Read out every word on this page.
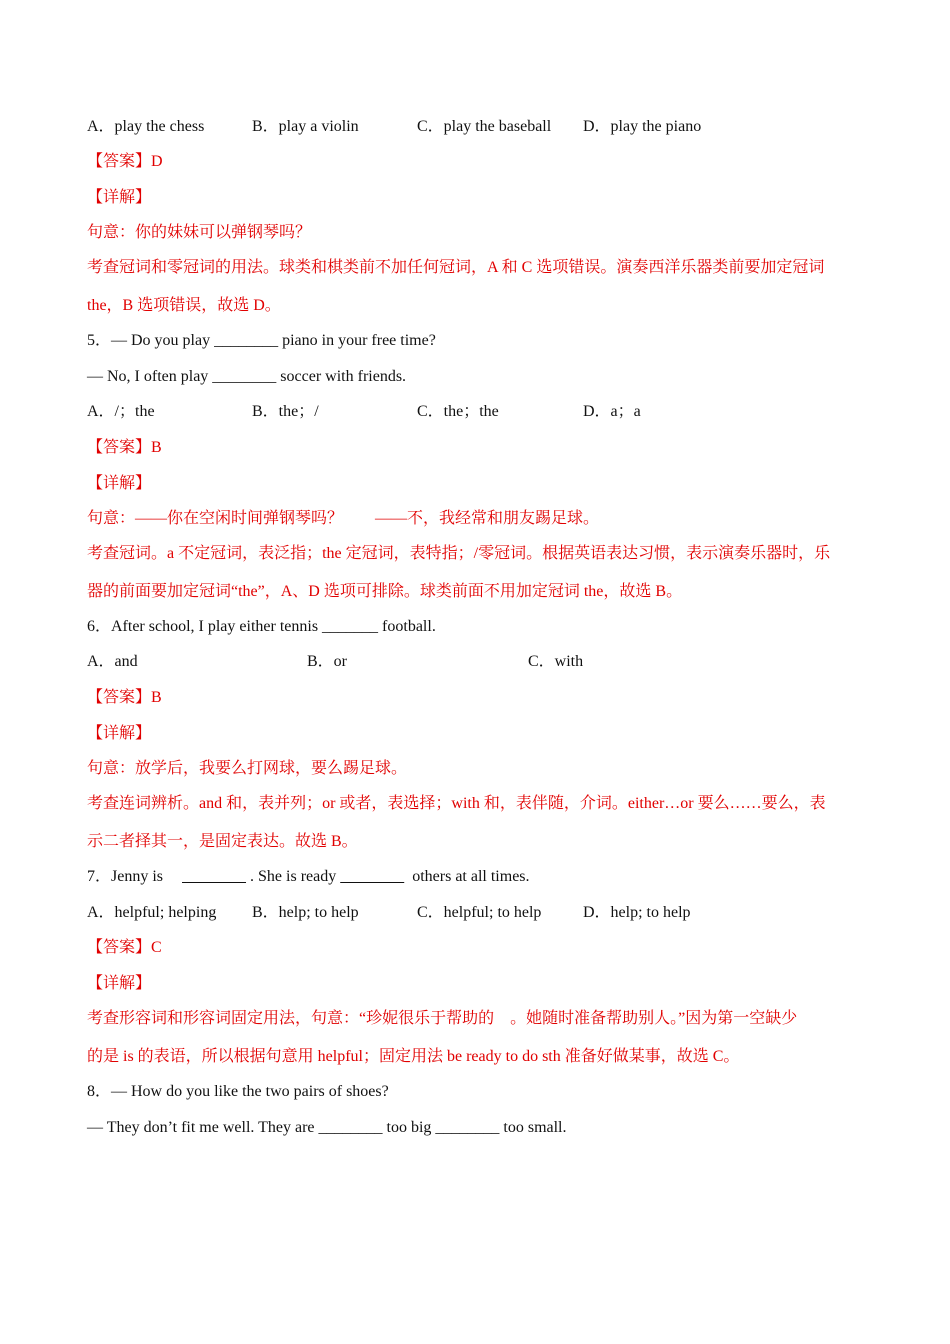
A．play the chess	B．play a violin	C．play the baseball D．play the piano
【答案】D
【详解】
句意：你的妹妹可以弹钢琴吗？
考查冠词和零冠词的用法。球类和棋类前不加任何冠词，A 和 C 选项错误。演奏西洋乐器类前要加定冠词
the，B 选项错误，故选 D。
5．— Do you play ________ piano in your free time?
— No, I often play ________ soccer with friends.
A．/；the	B．the；/	C．the；the	D．a；a
【答案】B
【详解】
句意：——你在空闲时间弹钢琴吗？　　——不，我经常和朋友踢足球。
考查冠词。a 不定冠词，表泛指；the 定冠词，表特指；/零冠词。根据英语表达习惯，表示演奏乐器时，乐
器的前面要加定冠词“the”，A、D 选项可排除。球类前面不用加定冠词 the，故选 B。
6．After school, I play either tennis _______ football.
A．and	B．or	C．with
【答案】B
【详解】
句意：放学后，我要么打网球，要么踢足球。
考查连词辨析。and 和，表并列；or 或者，表选择；with 和，表伴随，介词。either…or 要么……要么，表
示二者择其一，是固定表达。故选 B。
7．Jenny is	. She is ready	others at all times.
A．helpful; helping B．help; to help	C．helpful; to help	D．help; to help
【答案】C
【详解】
考查形容词和形容词固定用法，句意：“珍妮很乐于帮助的　。她随时准备帮助别人。”因为第一空缺少
的是 is 的表语，所以根据句意用 helpful；固定用法 be ready to do sth 准备好做某事，故选 C。
8．— How do you like the two pairs of shoes?
— They don’t fit me well. They are ________ too big ________ too small.
